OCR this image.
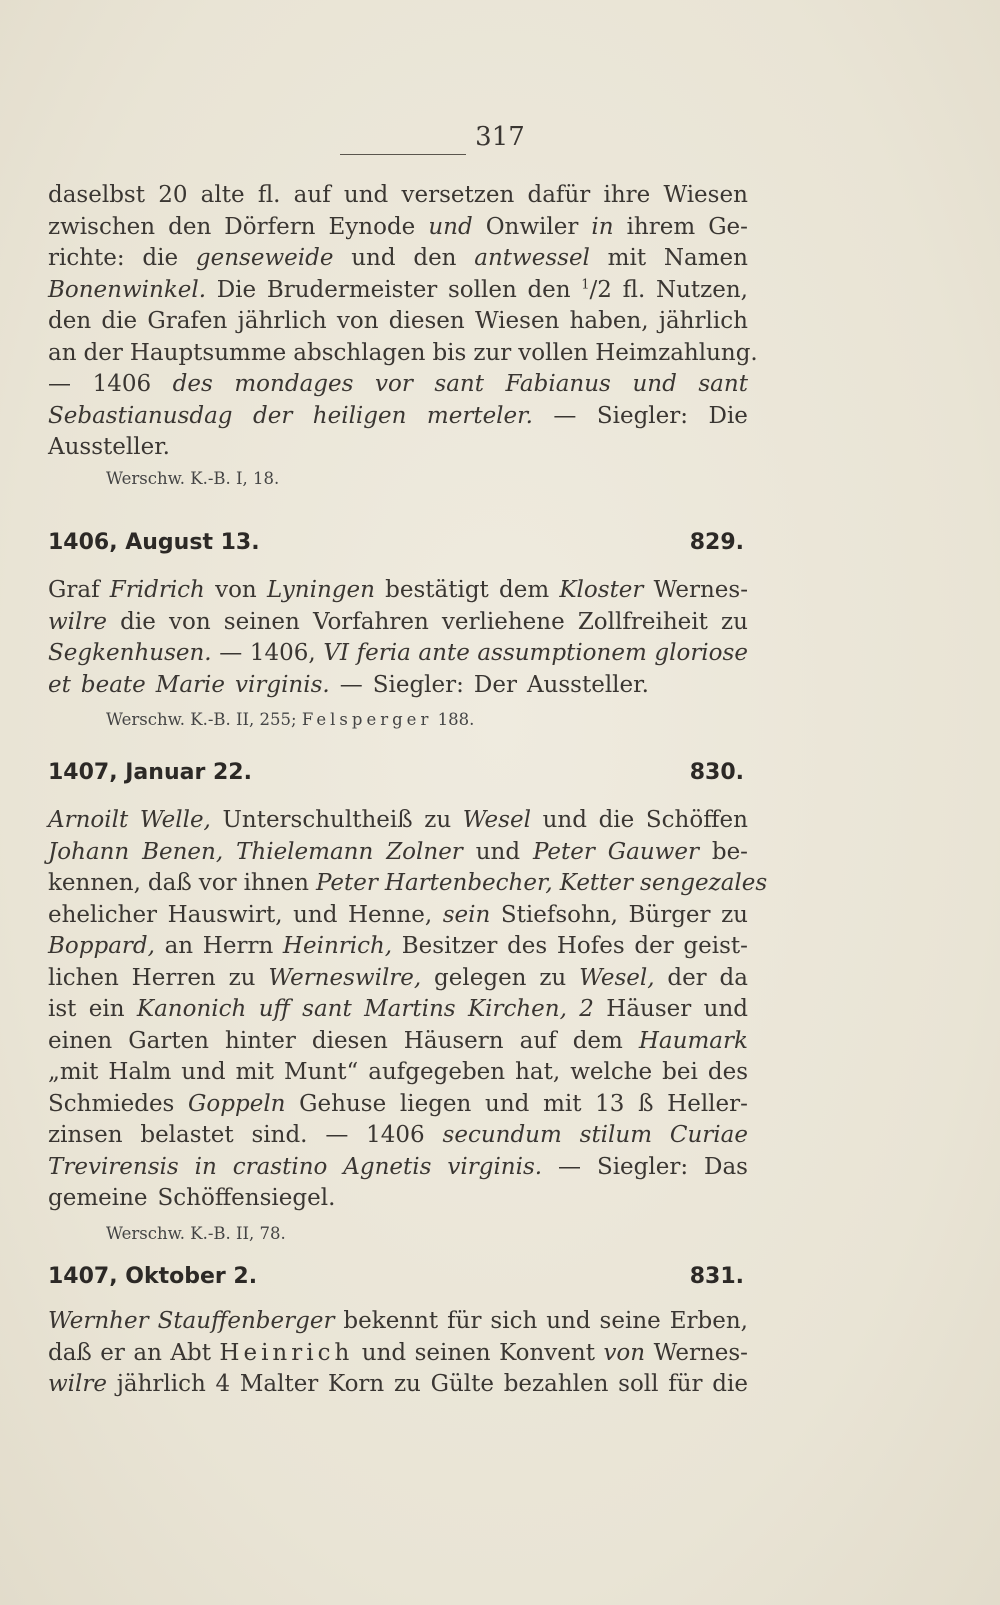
317
daselbst 20 alte fl. auf und versetzen dafür ihre Wiesen
zwischen den Dörfern Eynode und Onwiler in ihrem Ge-
richte: die genseweide und den antwessel mit Namen
Bonenwinkel. Die Brudermeister sollen den $^1$/2 fl. Nutzen,
den die Grafen jährlich von diesen Wiesen haben, jährlich
an der Hauptsumme abschlagen bis zur vollen Heimzahlung.
— 1406 des mondages vor sant Fabianus und sant
Sebastianusdag der heiligen merteler. — Siegler: Die
Aussteller.
Werschw. K.-B. I, 18.
1406, August 13.	829.
Graf Fridrich von Lyningen bestätigt dem Kloster Wernes-
wilre die von seinen Vorfahren verliehene Zollfreiheit zu
Segkenhusen. — 1406, VI feria ante assumptionem gloriose
et beate Marie virginis. — Siegler: Der Aussteller.
Werschw. K.-B. II, 255; Felsperger 188.
1407, Januar 22.	830.
Arnoilt Welle, Unterschultheiß zu Wesel und die Schöffen
Johann Benen, Thielemann Zolner und Peter Gauwer be-
kennen, daß vor ihnen Peter Hartenbecher, Ketter sengezales
ehelicher Hauswirt, und Henne, sein Stiefsohn, Bürger zu
Boppard, an Herrn Heinrich, Besitzer des Hofes der geist-
lichen Herren zu Werneswilre, gelegen zu Wesel, der da
ist ein Kanonich uff sant Martins Kirchen, 2 Häuser und
einen Garten hinter diesen Häusern auf dem Haumark
„mit Halm und mit Munt“ aufgegeben hat, welche bei des
Schmiedes Goppeln Gehuse liegen und mit 13 ß Heller-
zinsen belastet sind. — 1406 secundum stilum Curiae
Trevirensis in crastino Agnetis virginis. — Siegler: Das
gemeine Schöffensiegel.
Werschw. K.-B. II, 78.
1407, Oktober 2.	831.
Wernher Stauffenberger bekennt für sich und seine Erben,
daß er an Abt Heinrich und seinen Konvent von Wernes-
wilre jährlich 4 Malter Korn zu Gülte bezahlen soll für die
